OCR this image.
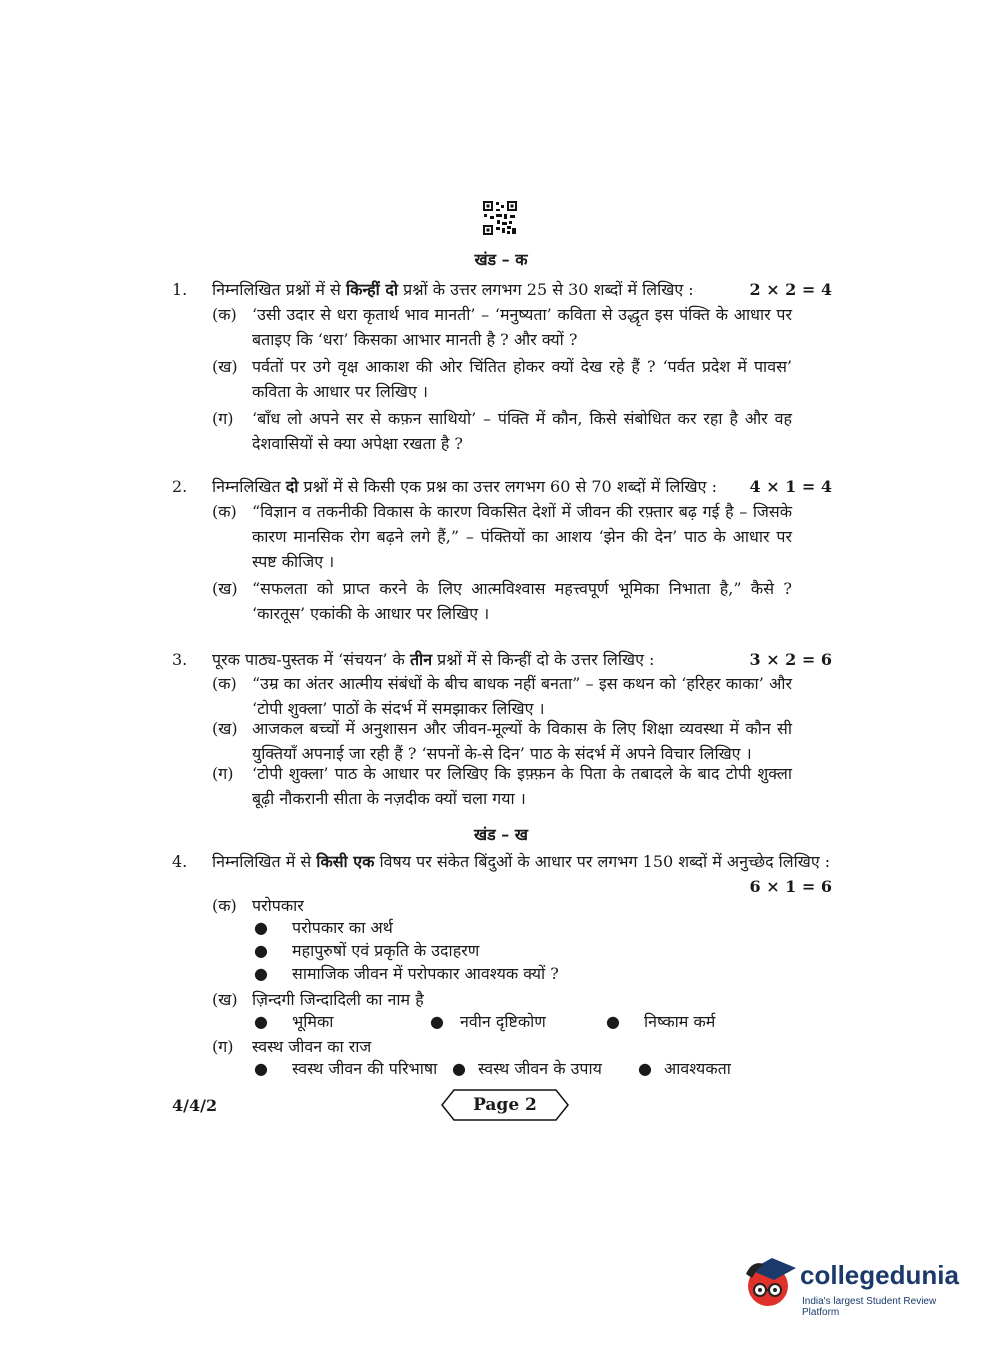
खंड – क
1.	निम्नलिखित प्रश्नों में से किन्हीं दो प्रश्नों के उत्तर लगभग 25 से 30 शब्दों में लिखिए :	2 × 2 = 4
(क) ‘उसी उदार से धरा कृतार्थ भाव मानती’ – ‘मनुष्यता’ कविता से उद्धृत इस पंक्ति के आधार पर बताइए कि ‘धरा’ किसका आभार मानती है ? और क्यों ?
(ख) पर्वतों पर उगे वृक्ष आकाश की ओर चिंतित होकर क्यों देख रहे हैं ? ‘पर्वत प्रदेश में पावस’ कविता के आधार पर लिखिए ।
(ग)	‘बाँध लो अपने सर से कफ़न साथियो’ – पंक्ति में कौन, किसे संबोधित कर रहा है और वह देशवासियों से क्या अपेक्षा रखता है ?
2.	निम्नलिखित दो प्रश्नों में से किसी एक प्रश्न का उत्तर लगभग 60 से 70 शब्दों में लिखिए :	4 × 1 = 4
(क) “विज्ञान व तकनीकी विकास के कारण विकसित देशों में जीवन की रफ़्तार बढ़ गई है – जिसके कारण मानसिक रोग बढ़ने लगे हैं,” – पंक्तियों का आशय ‘झेन की देन’ पाठ के आधार पर स्पष्ट कीजिए ।
(ख) “सफलता को प्राप्त करने के लिए आत्मविश्वास महत्त्वपूर्ण भूमिका निभाता है,” कैसे ? ‘कारतूस’ एकांकी के आधार पर लिखिए ।
3.	पूरक पाठ्य-पुस्तक में ‘संचयन’ के तीन प्रश्नों में से किन्हीं दो के उत्तर लिखिए :	3 × 2 = 6
(क) “उम्र का अंतर आत्मीय संबंधों के बीच बाधक नहीं बनता” – इस कथन को ‘हरिहर काका’ और ‘टोपी शुक्ला’ पाठों के संदर्भ में समझाकर लिखिए ।
(ख) आजकल बच्चों में अनुशासन और जीवन-मूल्यों के विकास के लिए शिक्षा व्यवस्था में कौन सी युक्तियाँ अपनाई जा रही हैं ? ‘सपनों के-से दिन’ पाठ के संदर्भ में अपने विचार लिखिए ।
(ग)	‘टोपी शुक्ला’ पाठ के आधार पर लिखिए कि इफ़्फ़न के पिता के तबादले के बाद टोपी शुक्ला बूढ़ी नौकरानी सीता के नज़दीक क्यों चला गया ।
खंड – ख
4.	निम्नलिखित में से किसी एक विषय पर संकेत बिंदुओं के आधार पर लगभग 150 शब्दों में अनुच्छेद लिखिए :
6 × 1 = 6
(क) परोपकार
●	परोपकार का अर्थ
●	महापुरुषों एवं प्रकृति के उदाहरण
●	सामाजिक जीवन में परोपकार आवश्यक क्यों ?
(ख) ज़िन्दगी जिन्दादिली का नाम है
● भूमिका	● नवीन दृष्टिकोण	● निष्काम कर्म
(ग)	स्वस्थ जीवन का राज
● स्वस्थ जीवन की परिभाषा ● स्वस्थ जीवन के उपाय	● आवश्यकता
4/4/2	Page 2
collegedunia
India's largest Student Review Platform
